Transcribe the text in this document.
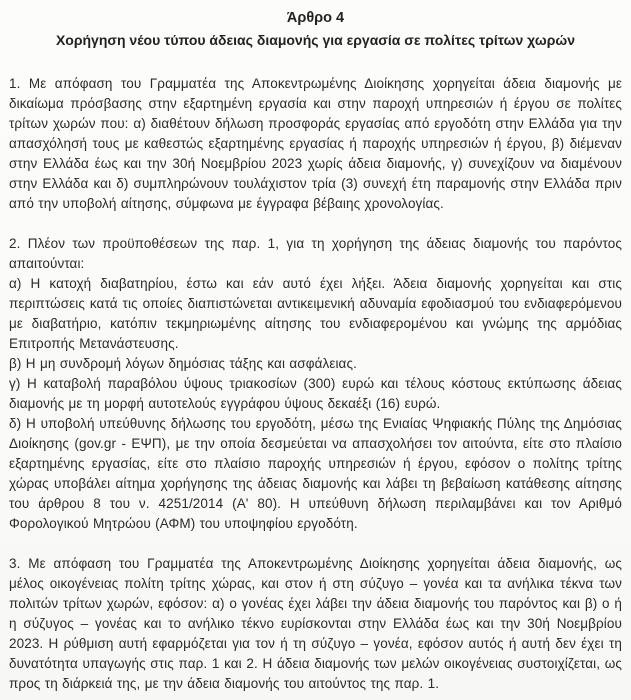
Άρθρο 4
Χορήγηση νέου τύπου άδειας διαμονής για εργασία σε πολίτες τρίτων χωρών

1. Με απόφαση του Γραμματέα της Αποκεντρωμένης Διοίκησης χορηγείται άδεια διαμονής με δικαίωμα πρόσβασης στην εξαρτημένη εργασία και στην παροχή υπηρεσιών ή έργου σε πολίτες τρίτων χωρών που: α) διαθέτουν δήλωση προσφοράς εργασίας από εργοδότη στην Ελλάδα για την απασχόλησή τους με καθεστώς εξαρτημένης εργασίας ή παροχής υπηρεσιών ή έργου, β) διέμεναν στην Ελλάδα έως και την 30ή Νοεμβρίου 2023 χωρίς άδεια διαμονής, γ) συνεχίζουν να διαμένουν στην Ελλάδα και δ) συμπληρώνουν τουλάχιστον τρία (3) συνεχή έτη παραμονής στην Ελλάδα πριν από την υποβολή αίτησης, σύμφωνα με έγγραφα βέβαιης χρονολογίας.

2. Πλέον των προϋποθέσεων της παρ. 1, για τη χορήγηση της άδειας διαμονής του παρόντος απαιτούνται:

α) Η κατοχή διαβατηρίου, έστω και εάν αυτό έχει λήξει. Άδεια διαμονής χορηγείται και στις περιπτώσεις κατά τις οποίες διαπιστώνεται αντικειμενική αδυναμία εφοδιασμού του ενδιαφερόμενου με διαβατήριο, κατόπιν τεκμηριωμένης αίτησης του ενδιαφερομένου και γνώμης της αρμόδιας Επιτροπής Μετανάστευσης.

β) Η μη συνδρομή λόγων δημόσιας τάξης και ασφάλειας.

γ) Η καταβολή παραβόλου ύψους τριακοσίων (300) ευρώ και τέλους κόστους εκτύπωσης άδειας διαμονής με τη μορφή αυτοτελούς εγγράφου ύψους δεκαέξι (16) ευρώ.

δ) Η υποβολή υπεύθυνης δήλωσης του εργοδότη, μέσω της Ενιαίας Ψηφιακής Πύλης της Δημόσιας Διοίκησης (gov.gr - ΕΨΠ), με την οποία δεσμεύεται να απασχολήσει τον αιτούντα, είτε στο πλαίσιο εξαρτημένης εργασίας, είτε στο πλαίσιο παροχής υπηρεσιών ή έργου, εφόσον ο πολίτης τρίτης χώρας υποβάλει αίτημα χορήγησης της άδειας διαμονής και λάβει τη βεβαίωση κατάθεσης αίτησης του άρθρου 8 του ν. 4251/2014 (Α' 80). Η υπεύθυνη δήλωση περιλαμβάνει και τον Αριθμό Φορολογικού Μητρώου (ΑΦΜ) του υποψηφίου εργοδότη.

3. Με απόφαση του Γραμματέα της Αποκεντρωμένης Διοίκησης χορηγείται άδεια διαμονής, ως μέλος οικογένειας πολίτη τρίτης χώρας, και στον ή στη σύζυγο – γονέα και τα ανήλικα τέκνα των πολιτών τρίτων χωρών, εφόσον: α) ο γονέας έχει λάβει την άδεια διαμονής του παρόντος και β) ο ή η σύζυγος – γονέας και το ανήλικο τέκνο ευρίσκονται στην Ελλάδα έως και την 30ή Νοεμβρίου 2023. Η ρύθμιση αυτή εφαρμόζεται για τον ή τη σύζυγο – γονέα, εφόσον αυτός ή αυτή δεν έχει τη δυνατότητα υπαγωγής στις παρ. 1 και 2. Η άδεια διαμονής των μελών οικογένειας συστοιχίζεται, ως προς τη διάρκειά της, με την άδεια διαμονής του αιτούντος της παρ. 1.
